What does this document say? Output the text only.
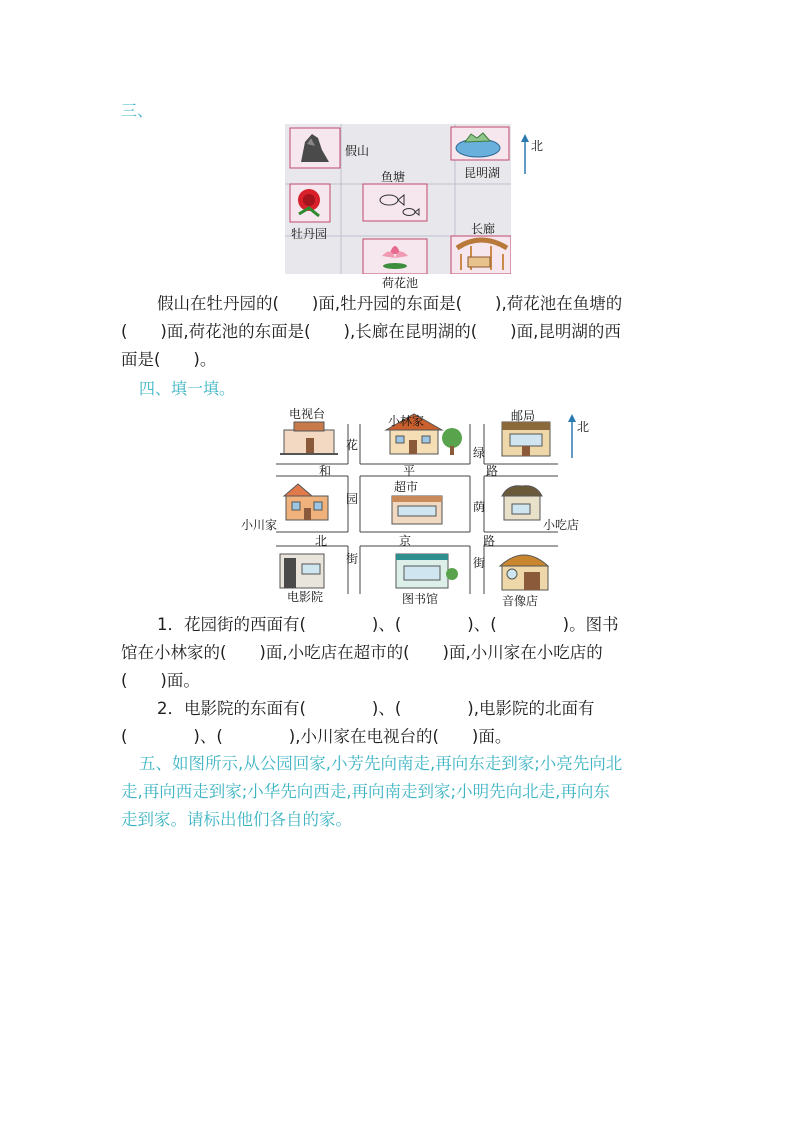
三、
假山
鱼塘	昆明湖
牡丹园	长廊
荷花池
北
假山在牡丹园的(　　)面,牡丹园的东面是(　　),荷花池在鱼塘的
(　　)面,荷花池的东面是(　　),长廊在昆明湖的(　　)面,昆明湖的西
面是(　　)。
四、填一填。
电视台	小林家	邮局
超市
小川家	小吃店
电影院	图书馆	音像店
花
园
街
绿
荫
街
和	平	路
北	京	路
北
1．花园街的西面有(　　　　)、(　　　　)、(　　　　)。图书
馆在小林家的(　　)面,小吃店在超市的(　　)面,小川家在小吃店的
(　　)面。
2．电影院的东面有(　　　　)、(　　　　),电影院的北面有
(　　　　)、(　　　　),小川家在电视台的(　　)面。
五、如图所示,从公园回家,小芳先向南走,再向东走到家;小亮先向北
走,再向西走到家;小华先向西走,再向南走到家;小明先向北走,再向东
走到家。请标出他们各自的家。
